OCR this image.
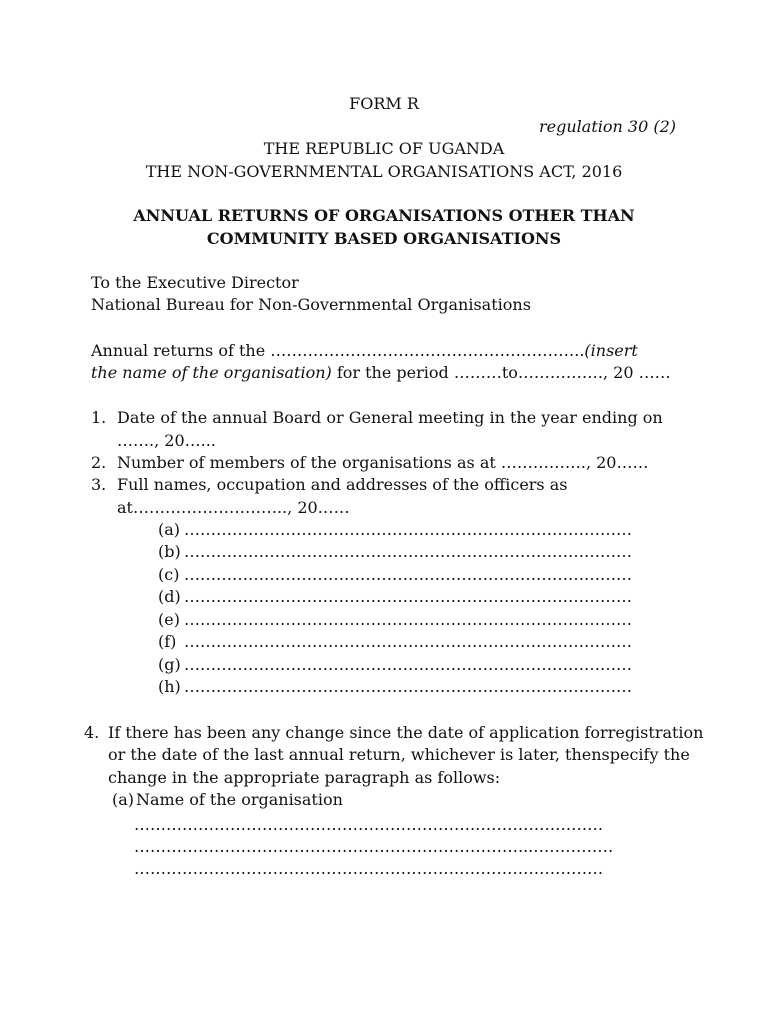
FORM R
regulation 30 (2)
THE REPUBLIC OF UGANDA
THE NON-GOVERNMENTAL ORGANISATIONS ACT, 2016
ANNUAL RETURNS OF ORGANISATIONS OTHER THAN
COMMUNITY BASED ORGANISATIONS
To the Executive Director
National Bureau for Non-Governmental Organisations
Annual returns of the …………………………………………………..(insert
the name of the organisation) for the period ………to……………., 20 ……
1. Date of the annual Board or General meeting in the year ending on
……., 20…...
2. Number of members of the organisations as at ……………., 20……
3. Full names, occupation and addresses of the officers as
at……………………….., 20……
(a) …………………………………………………………………………
(b) …………………………………………………………………………
(c) …………………………………………………………………………
(d) …………………………………………………………………………
(e) …………………………………………………………………………
(f) …………………………………………………………………………
(g) …………………………………………………………………………
(h) …………………………………………………………………………
4. If there has been any change since the date of application forregistration
or the date of the last annual return, whichever is later, thenspecify the
change in the appropriate paragraph as follows:
(a) Name of the organisation
……………………………………………………….……………………
………………………………………………………………...……………
…………………………………………………….………………………
